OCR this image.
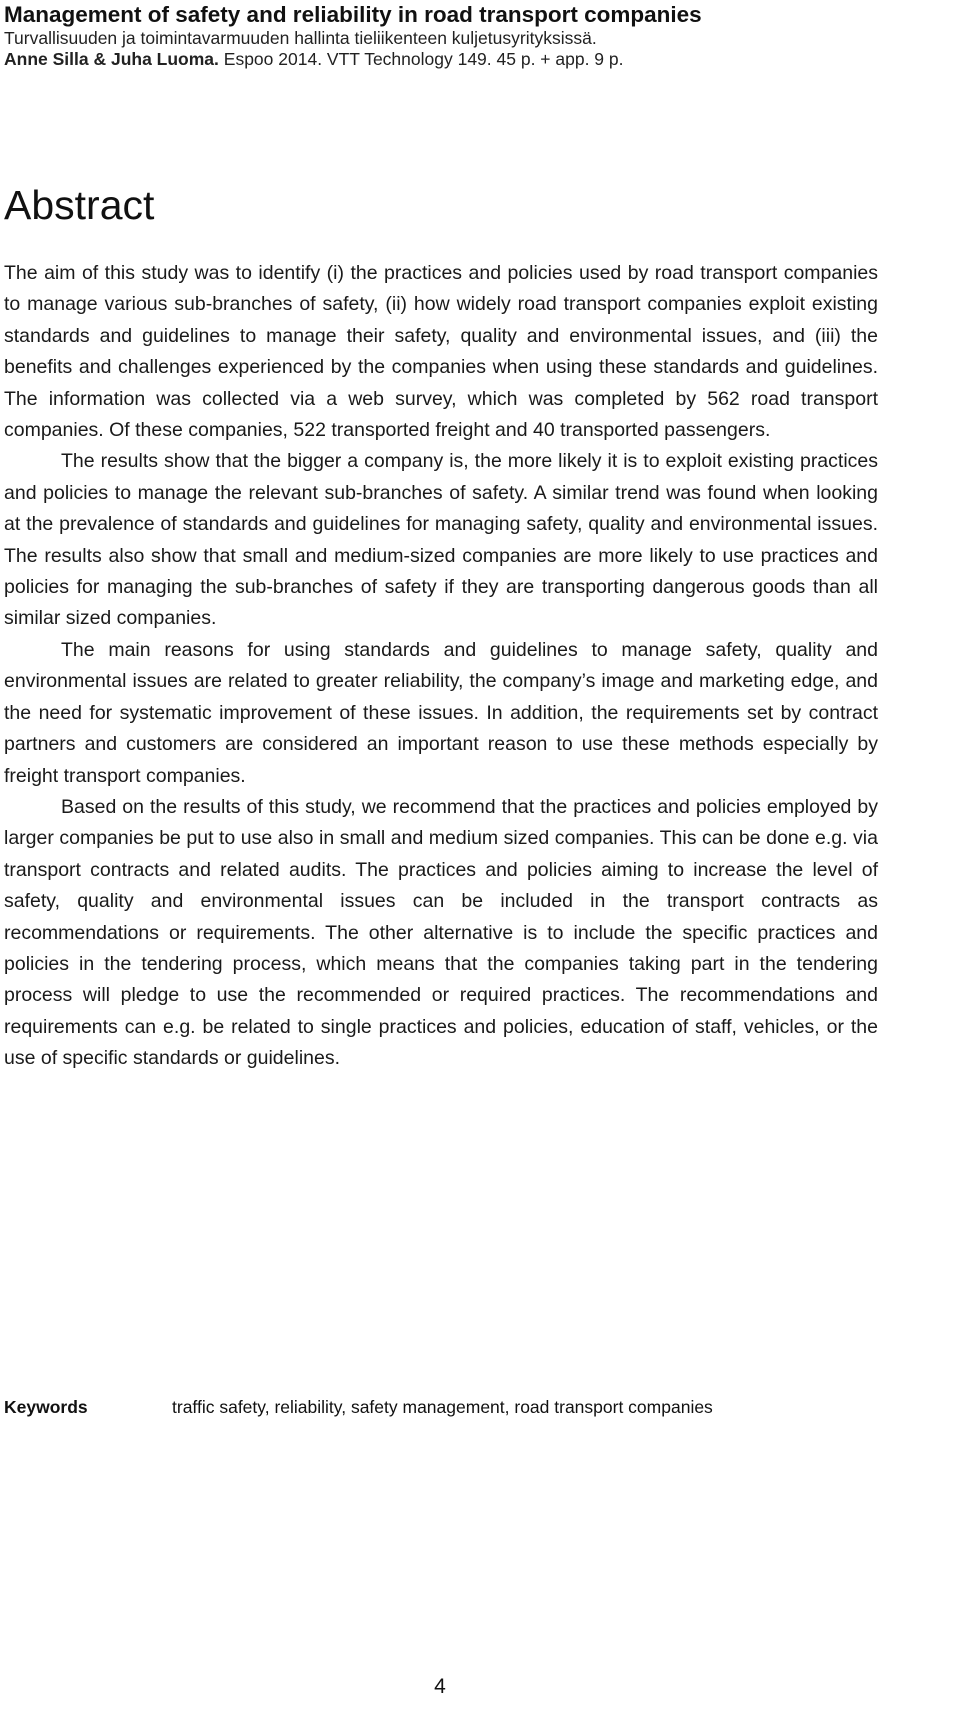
Management of safety and reliability in road transport companies
Turvallisuuden ja toimintavarmuuden hallinta tieliikenteen kuljetusyrityksissä.
Anne Silla & Juha Luoma. Espoo 2014. VTT Technology 149. 45 p. + app. 9 p.
Abstract

The aim of this study was to identify (i) the practices and policies used by road transport companies to manage various sub-branches of safety, (ii) how widely road transport companies exploit existing standards and guidelines to manage their safety, quality and environmental issues, and (iii) the benefits and challenges experienced by the companies when using these standards and guidelines. The information was collected via a web survey, which was completed by 562 road transport companies. Of these companies, 522 transported freight and 40 transported passengers.

The results show that the bigger a company is, the more likely it is to exploit existing practices and policies to manage the relevant sub-branches of safety. A similar trend was found when looking at the prevalence of standards and guidelines for managing safety, quality and environmental issues. The results also show that small and medium-sized companies are more likely to use practices and policies for managing the sub-branches of safety if they are transporting dangerous goods than all similar sized companies.

The main reasons for using standards and guidelines to manage safety, quality and environmental issues are related to greater reliability, the company’s image and marketing edge, and the need for systematic improvement of these issues. In addition, the requirements set by contract partners and customers are considered an important reason to use these methods especially by freight transport companies.

Based on the results of this study, we recommend that the practices and policies employed by larger companies be put to use also in small and medium sized companies. This can be done e.g. via transport contracts and related audits. The practices and policies aiming to increase the level of safety, quality and environmental issues can be included in the transport contracts as recommendations or requirements. The other alternative is to include the specific practices and policies in the tendering process, which means that the companies taking part in the tendering process will pledge to use the recommended or required practices. The recommendations and requirements can e.g. be related to single practices and policies, education of staff, vehicles, or the use of specific standards or guidelines.

Keywords	traffic safety, reliability, safety management, road transport companies
4
